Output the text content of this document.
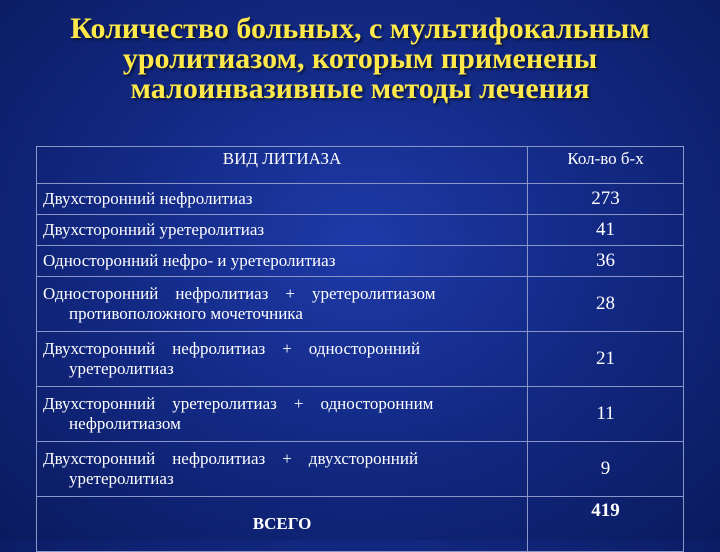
Количество больных, с мультифокальным
уролитиазом, которым применены
малоинвазивные методы лечения
ВИД ЛИТИАЗА	Кол-во б-х
Двухсторонний нефролитиаз	273
Двухсторонний уретеролитиаз	41
Односторонний нефро- и уретеролитиаз	36
Односторонний    нефролитиаз    +    уретеролитиазом
противоположного мочеточника	28
Двухсторонний    нефролитиаз    +    односторонний
уретеролитиаз	21
Двухсторонний    уретеролитиаз    +    односторонним
нефролитиазом	11
Двухсторонний    нефролитиаз    +    двухсторонний
уретеролитиаз	9
ВСЕГО	419
